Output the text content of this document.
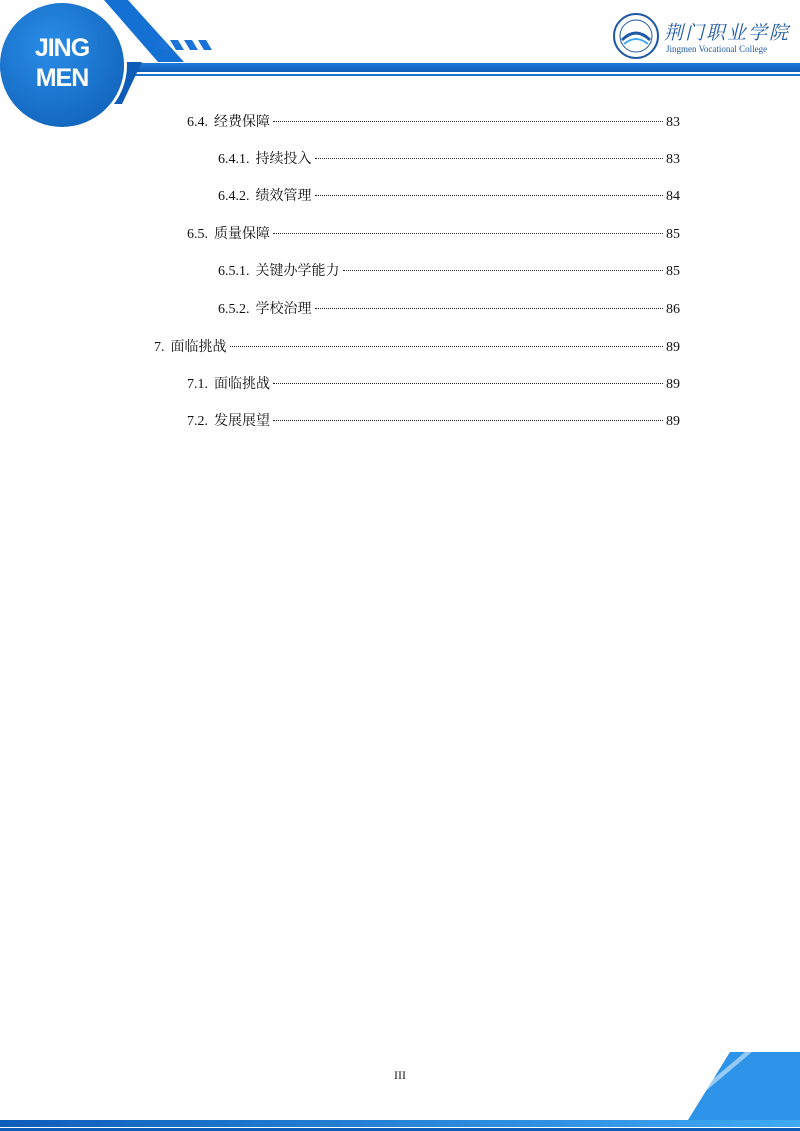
JING
MEN
荆门职业学院
Jingmen Vocational College
6.4. 经费保障	83
6.4.1. 持续投入	83
6.4.2. 绩效管理	84
6.5. 质量保障	85
6.5.1. 关键办学能力	85
6.5.2. 学校治理	86
7. 面临挑战	89
7.1. 面临挑战	89
7.2. 发展展望	89
III
